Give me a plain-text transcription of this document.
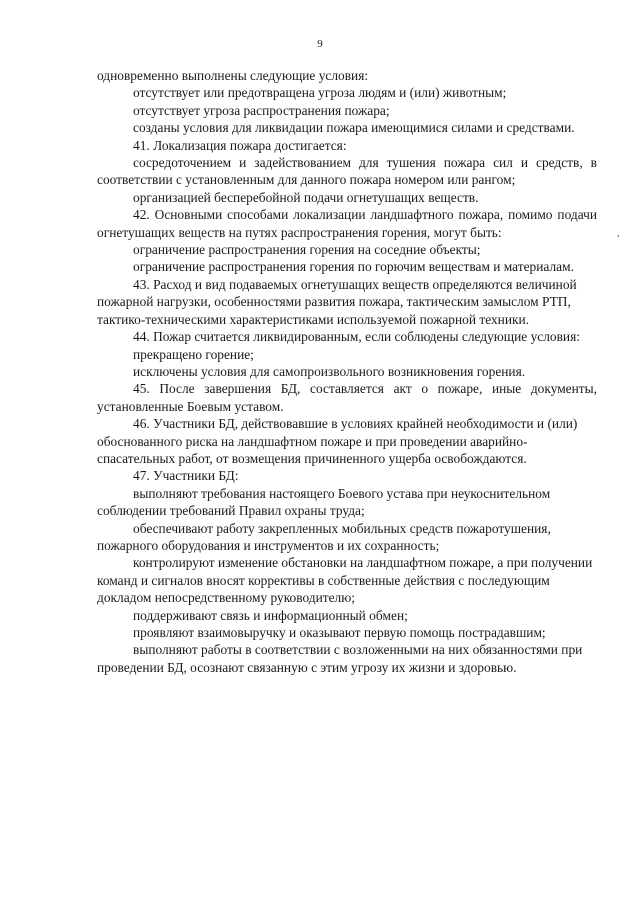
9
,

одновременно выполнены следующие условия:

отсутствует или предотвращена угроза людям и (или) животным;

отсутствует угроза распространения пожара;

созданы условия для ликвидации пожара имеющимися силами и средствами.

41. Локализация пожара достигается:

сосредоточением и задействованием для тушения пожара сил и средств, в соответствии с установленным для данного пожара номером или рангом;

организацией бесперебойной подачи огнетушащих веществ.

42. Основными способами локализации ландшафтного пожара, помимо подачи огнетушащих веществ на путях распространения горения, могут быть:

ограничение распространения горения на соседние объекты;

ограничение распространения горения по горючим веществам и материалам.

43. Расход и вид подаваемых огнетушащих веществ определяются величиной пожарной нагрузки, особенностями развития пожара, тактическим замыслом РТП, тактико-техническими характеристиками используемой пожарной техники.

44. Пожар считается ликвидированным, если соблюдены следующие условия:

прекращено горение;

исключены условия для самопроизвольного возникновения горения.

45. После завершения БД, составляется акт о пожаре, иные документы, установленные Боевым уставом.

46. Участники БД, действовавшие в условиях крайней необходимости и (или) обоснованного риска на ландшафтном пожаре и при проведении аварийно-спасательных работ, от возмещения причиненного ущерба освобождаются.

47. Участники БД:

выполняют требования настоящего Боевого устава при неукоснительном соблюдении требований Правил охраны труда;

обеспечивают работу закрепленных мобильных средств пожаротушения, пожарного оборудования и инструментов и их сохранность;

контролируют изменение обстановки на ландшафтном пожаре, а при получении команд и сигналов вносят коррективы в собственные действия с последующим докладом непосредственному руководителю;

поддерживают связь и информационный обмен;

проявляют взаимовыручку и оказывают первую помощь пострадавшим;

выполняют работы в соответствии с возложенными на них обязанностями при проведении БД, осознают связанную с этим угрозу их жизни и здоровью.
